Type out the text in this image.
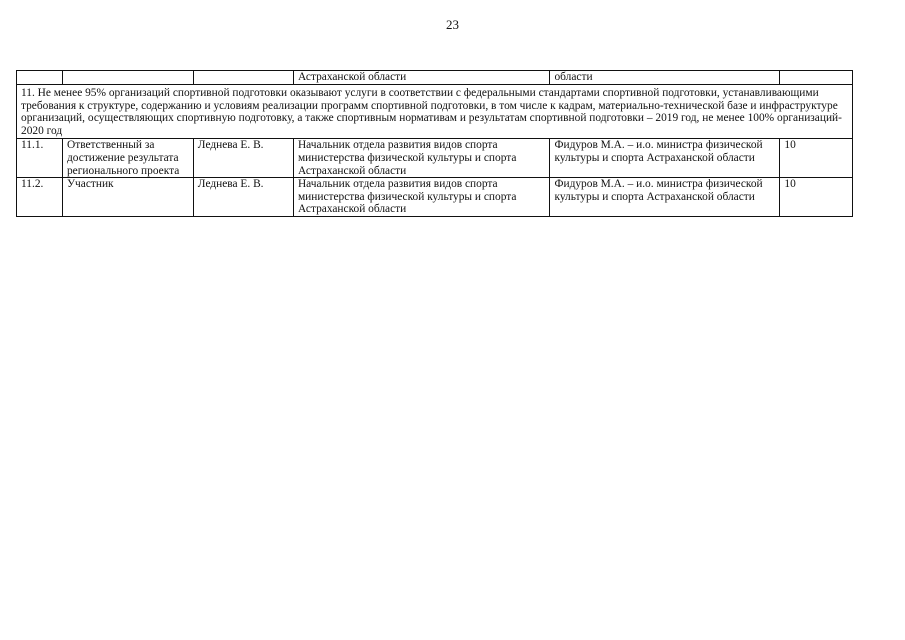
23
			Астраханской области	области	
11. Не менее 95% организаций спортивной подготовки оказывают услуги в соответствии с федеральными стандартами спортивной подготовки, устанавливающими требования к структуре, содержанию и условиям реализации программ спортивной подготовки, в том числе к кадрам, материально-технической базе и инфраструктуре организаций, осуществляющих спортивную подготовку, а также спортивным нормативам и результатам спортивной подготовки – 2019 год, не менее 100% организаций- 2020 год					
11.1.	Ответственный за достижение результата регионального проекта	Леднева Е. В.	Начальник отдела развития видов спорта министерства физической культуры и спорта Астраханской области	Фидуров М.А. – и.о. министра физической культуры и спорта Астраханской области	10
11.2.	Участник	Леднева Е. В.	Начальник отдела развития видов спорта министерства физической культуры и спорта Астраханской области	Фидуров М.А. – и.о. министра физической культуры и спорта Астраханской области	10
